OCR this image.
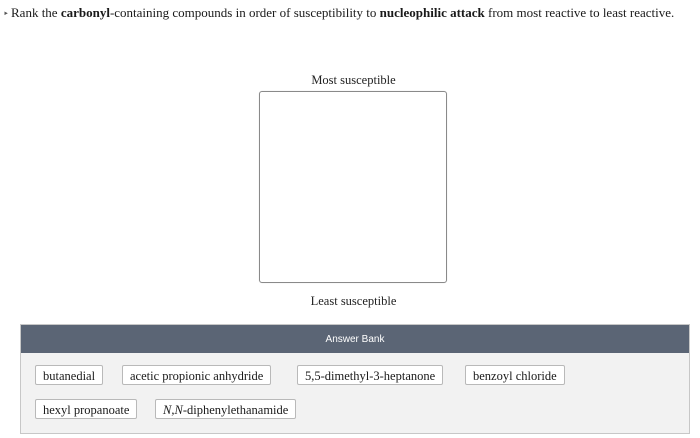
‣ Rank the carbonyl-containing compounds in order of susceptibility to nucleophilic attack from most reactive to least reactive.
Most susceptible
Least susceptible
Answer Bank
butanedial	acetic propionic anhydride	5,5-dimethyl-3-heptanone	benzoyl chloride
hexyl propanoate	N,N-diphenylethanamide
